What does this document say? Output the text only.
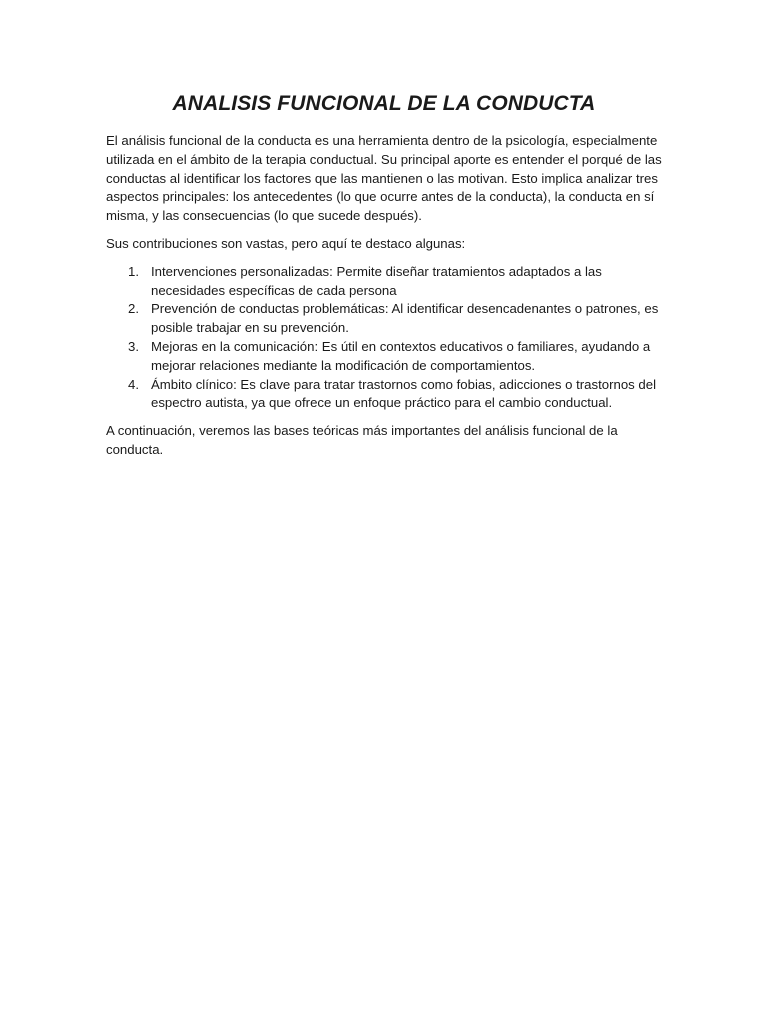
ANALISIS FUNCIONAL DE LA CONDUCTA

El análisis funcional de la conducta es una herramienta dentro de la psicología, especialmente utilizada en el ámbito de la terapia conductual. Su principal aporte es entender el porqué de las conductas al identificar los factores que las mantienen o las motivan. Esto implica analizar tres aspectos principales: los antecedentes (lo que ocurre antes de la conducta), la conducta en sí misma, y las consecuencias (lo que sucede después).

Sus contribuciones son vastas, pero aquí te destaco algunas:

1. Intervenciones personalizadas: Permite diseñar tratamientos adaptados a las necesidades específicas de cada persona
2. Prevención de conductas problemáticas: Al identificar desencadenantes o patrones, es posible trabajar en su prevención.
3. Mejoras en la comunicación: Es útil en contextos educativos o familiares, ayudando a mejorar relaciones mediante la modificación de comportamientos.
4. Ámbito clínico: Es clave para tratar trastornos como fobias, adicciones o trastornos del espectro autista, ya que ofrece un enfoque práctico para el cambio conductual.

A continuación, veremos las bases teóricas más importantes del análisis funcional de la conducta.
